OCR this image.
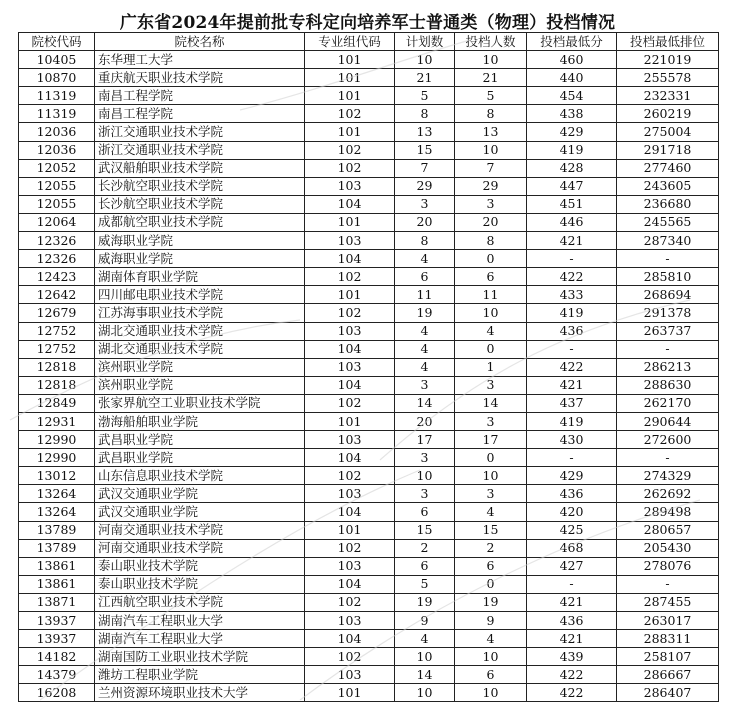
广东省2024年提前批专科定向培养军士普通类（物理）投档情况
院校代码	院校名称	专业组代码	计划数	投档人数	投档最低分	投档最低排位
10405	东华理工大学	101	10	10	460	221019
10870	重庆航天职业技术学院	101	21	21	440	255578
11319	南昌工程学院	101	5	5	454	232331
11319	南昌工程学院	102	8	8	438	260219
12036	浙江交通职业技术学院	101	13	13	429	275004
12036	浙江交通职业技术学院	102	15	10	419	291718
12052	武汉船舶职业技术学院	102	7	7	428	277460
12055	长沙航空职业技术学院	103	29	29	447	243605
12055	长沙航空职业技术学院	104	3	3	451	236680
12064	成都航空职业技术学院	101	20	20	446	245565
12326	威海职业学院	103	8	8	421	287340
12326	威海职业学院	104	4	0	-	-
12423	湖南体育职业学院	102	6	6	422	285810
12642	四川邮电职业技术学院	101	11	11	433	268694
12679	江苏海事职业技术学院	102	19	10	419	291378
12752	湖北交通职业技术学院	103	4	4	436	263737
12752	湖北交通职业技术学院	104	4	0	-	-
12818	滨州职业学院	103	4	1	422	286213
12818	滨州职业学院	104	3	3	421	288630
12849	张家界航空工业职业技术学院	102	14	14	437	262170
12931	渤海船舶职业学院	101	20	3	419	290644
12990	武昌职业学院	103	17	17	430	272600
12990	武昌职业学院	104	3	0	-	-
13012	山东信息职业技术学院	102	10	10	429	274329
13264	武汉交通职业学院	103	3	3	436	262692
13264	武汉交通职业学院	104	6	4	420	289498
13789	河南交通职业技术学院	101	15	15	425	280657
13789	河南交通职业技术学院	102	2	2	468	205430
13861	泰山职业技术学院	103	6	6	427	278076
13861	泰山职业技术学院	104	5	0	-	-
13871	江西航空职业技术学院	102	19	19	421	287455
13937	湖南汽车工程职业大学	103	9	9	436	263017
13937	湖南汽车工程职业大学	104	4	4	421	288311
14182	湖南国防工业职业技术学院	102	10	10	439	258107
14379	潍坊工程职业学院	103	14	6	422	286667
16208	兰州资源环境职业技术大学	101	10	10	422	286407
